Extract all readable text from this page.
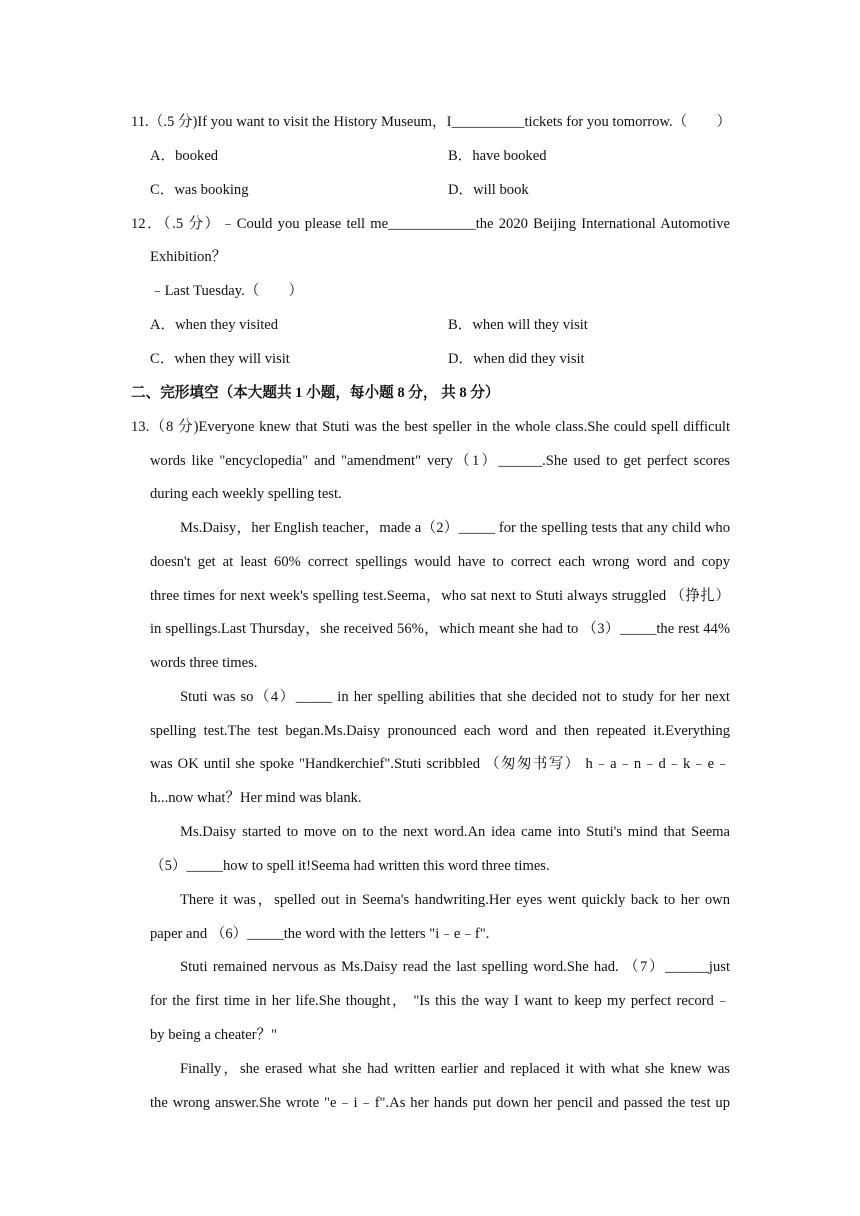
11.（.5 分)If you want to visit the History Museum，I__________tickets for you tomorrow.（　　）
A．booked	B．have booked
C．was booking	D．will book
12．（.5 分）﹣Could you please tell me____________the 2020 Beijing International Automotive
Exhibition？
﹣Last Tuesday.（　　）
A．when they visited	B．when will they visit
C．when they will visit	D．when did they visit
二、完形填空（本大题共 1 小题，每小题 8 分， 共 8 分）
13.（8 分)Everyone knew that Stuti was the best speller in the whole class.She could spell difficult
words like "encyclopedia" and "amendment" very（1）______.She used to get perfect scores
during each weekly spelling test.
Ms.Daisy，her English teacher，made a（2）_____ for the spelling tests that any child who
doesn't get at least 60% correct spellings would have to correct each wrong word and copy
three times for next week's spelling test.Seema，who sat next to Stuti always struggled （挣扎）
in spellings.Last Thursday，she received 56%，which meant she had to （3）_____the rest 44%
words three times.
Stuti was so（4）_____ in her spelling abilities that she decided not to study for her next
spelling test.The test began.Ms.Daisy pronounced each word and then repeated it.Everything
was OK until she spoke "Handkerchief".Stuti scribbled （匆匆书写） h﹣a﹣n﹣d﹣k﹣e﹣
h...now what？Her mind was blank.
Ms.Daisy started to move on to the next word.An idea came into Stuti's mind that Seema
（5）_____how to spell it!Seema had written this word three times.
There it was，spelled out in Seema's handwriting.Her eyes went quickly back to her own
paper and （6）_____the word with the letters "i﹣e﹣f".
Stuti remained nervous as Ms.Daisy read the last spelling word.She had. （7）______just
for the first time in her life.She thought， "Is this the way I want to keep my perfect record﹣
by being a cheater？"
Finally，she erased what she had written earlier and replaced it with what she knew was
the wrong answer.She wrote "e﹣i﹣f".As her hands put down her pencil and passed the test up
